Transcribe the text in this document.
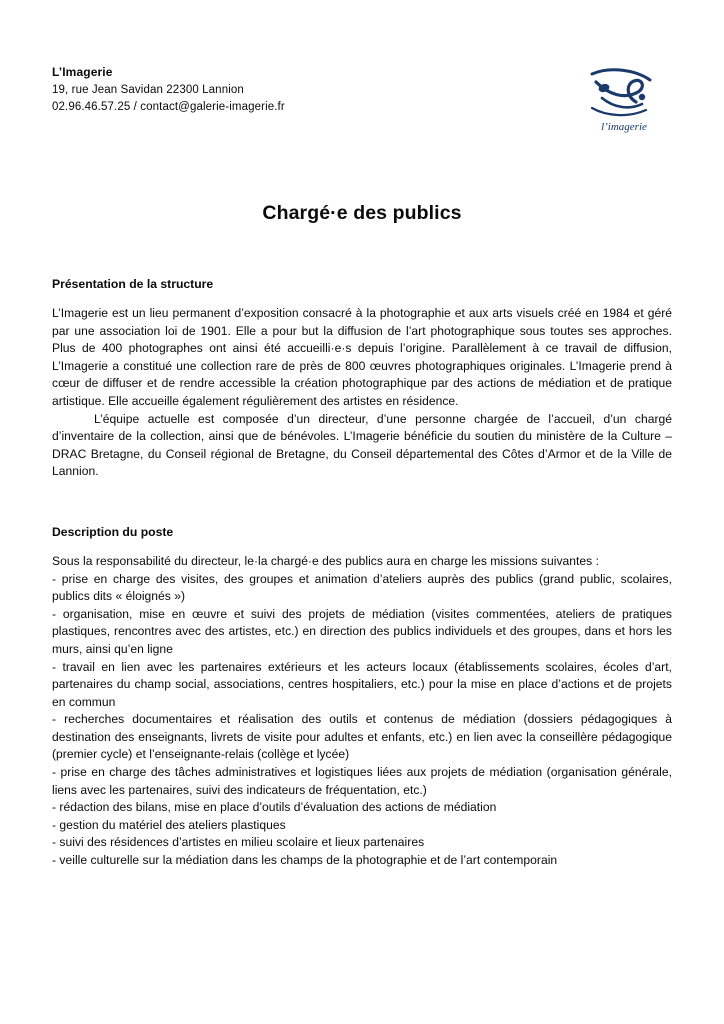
L’Imagerie
19, rue Jean Savidan 22300 Lannion
02.96.46.57.25 / contact@galerie-imagerie.fr
l’imagerie
Chargé·e des publics
Présentation de la structure

L’Imagerie est un lieu permanent d’exposition consacré à la photographie et aux arts visuels créé en 1984 et géré par une association loi de 1901. Elle a pour but la diffusion de l’art photographique sous toutes ses approches. Plus de 400 photographes ont ainsi été accueilli·e·s depuis l’origine. Parallèlement à ce travail de diffusion, L’Imagerie a constitué une collection rare de près de 800 œuvres photographiques originales. L’Imagerie prend à cœur de diffuser et de rendre accessible la création photographique par des actions de médiation et de pratique artistique. Elle accueille également régulièrement des artistes en résidence.

L’équipe actuelle est composée d’un directeur, d’une personne chargée de l’accueil, d’un chargé d’inventaire de la collection, ainsi que de bénévoles. L’Imagerie bénéficie du soutien du ministère de la Culture – DRAC Bretagne, du Conseil régional de Bretagne, du Conseil départemental des Côtes d’Armor et de la Ville de Lannion.

Description du poste

Sous la responsabilité du directeur, le·la chargé·e des publics aura en charge les missions suivantes :

- prise en charge des visites, des groupes et animation d’ateliers auprès des publics (grand public, scolaires, publics dits « éloignés »)

- organisation, mise en œuvre et suivi des projets de médiation (visites commentées, ateliers de pratiques plastiques, rencontres avec des artistes, etc.) en direction des publics individuels et des groupes, dans et hors les murs, ainsi qu’en ligne

- travail en lien avec les partenaires extérieurs et les acteurs locaux (établissements scolaires, écoles d’art, partenaires du champ social, associations, centres hospitaliers, etc.) pour la mise en place d’actions et de projets en commun

- recherches documentaires et réalisation des outils et contenus de médiation (dossiers pédagogiques à destination des enseignants, livrets de visite pour adultes et enfants, etc.) en lien avec la conseillère pédagogique (premier cycle) et l’enseignante-relais (collège et lycée)

- prise en charge des tâches administratives et logistiques liées aux projets de médiation (organisation générale, liens avec les partenaires, suivi des indicateurs de fréquentation, etc.)

- rédaction des bilans, mise en place d’outils d’évaluation des actions de médiation

- gestion du matériel des ateliers plastiques

- suivi des résidences d’artistes en milieu scolaire et lieux partenaires

- veille culturelle sur la médiation dans les champs de la photographie et de l’art contemporain
